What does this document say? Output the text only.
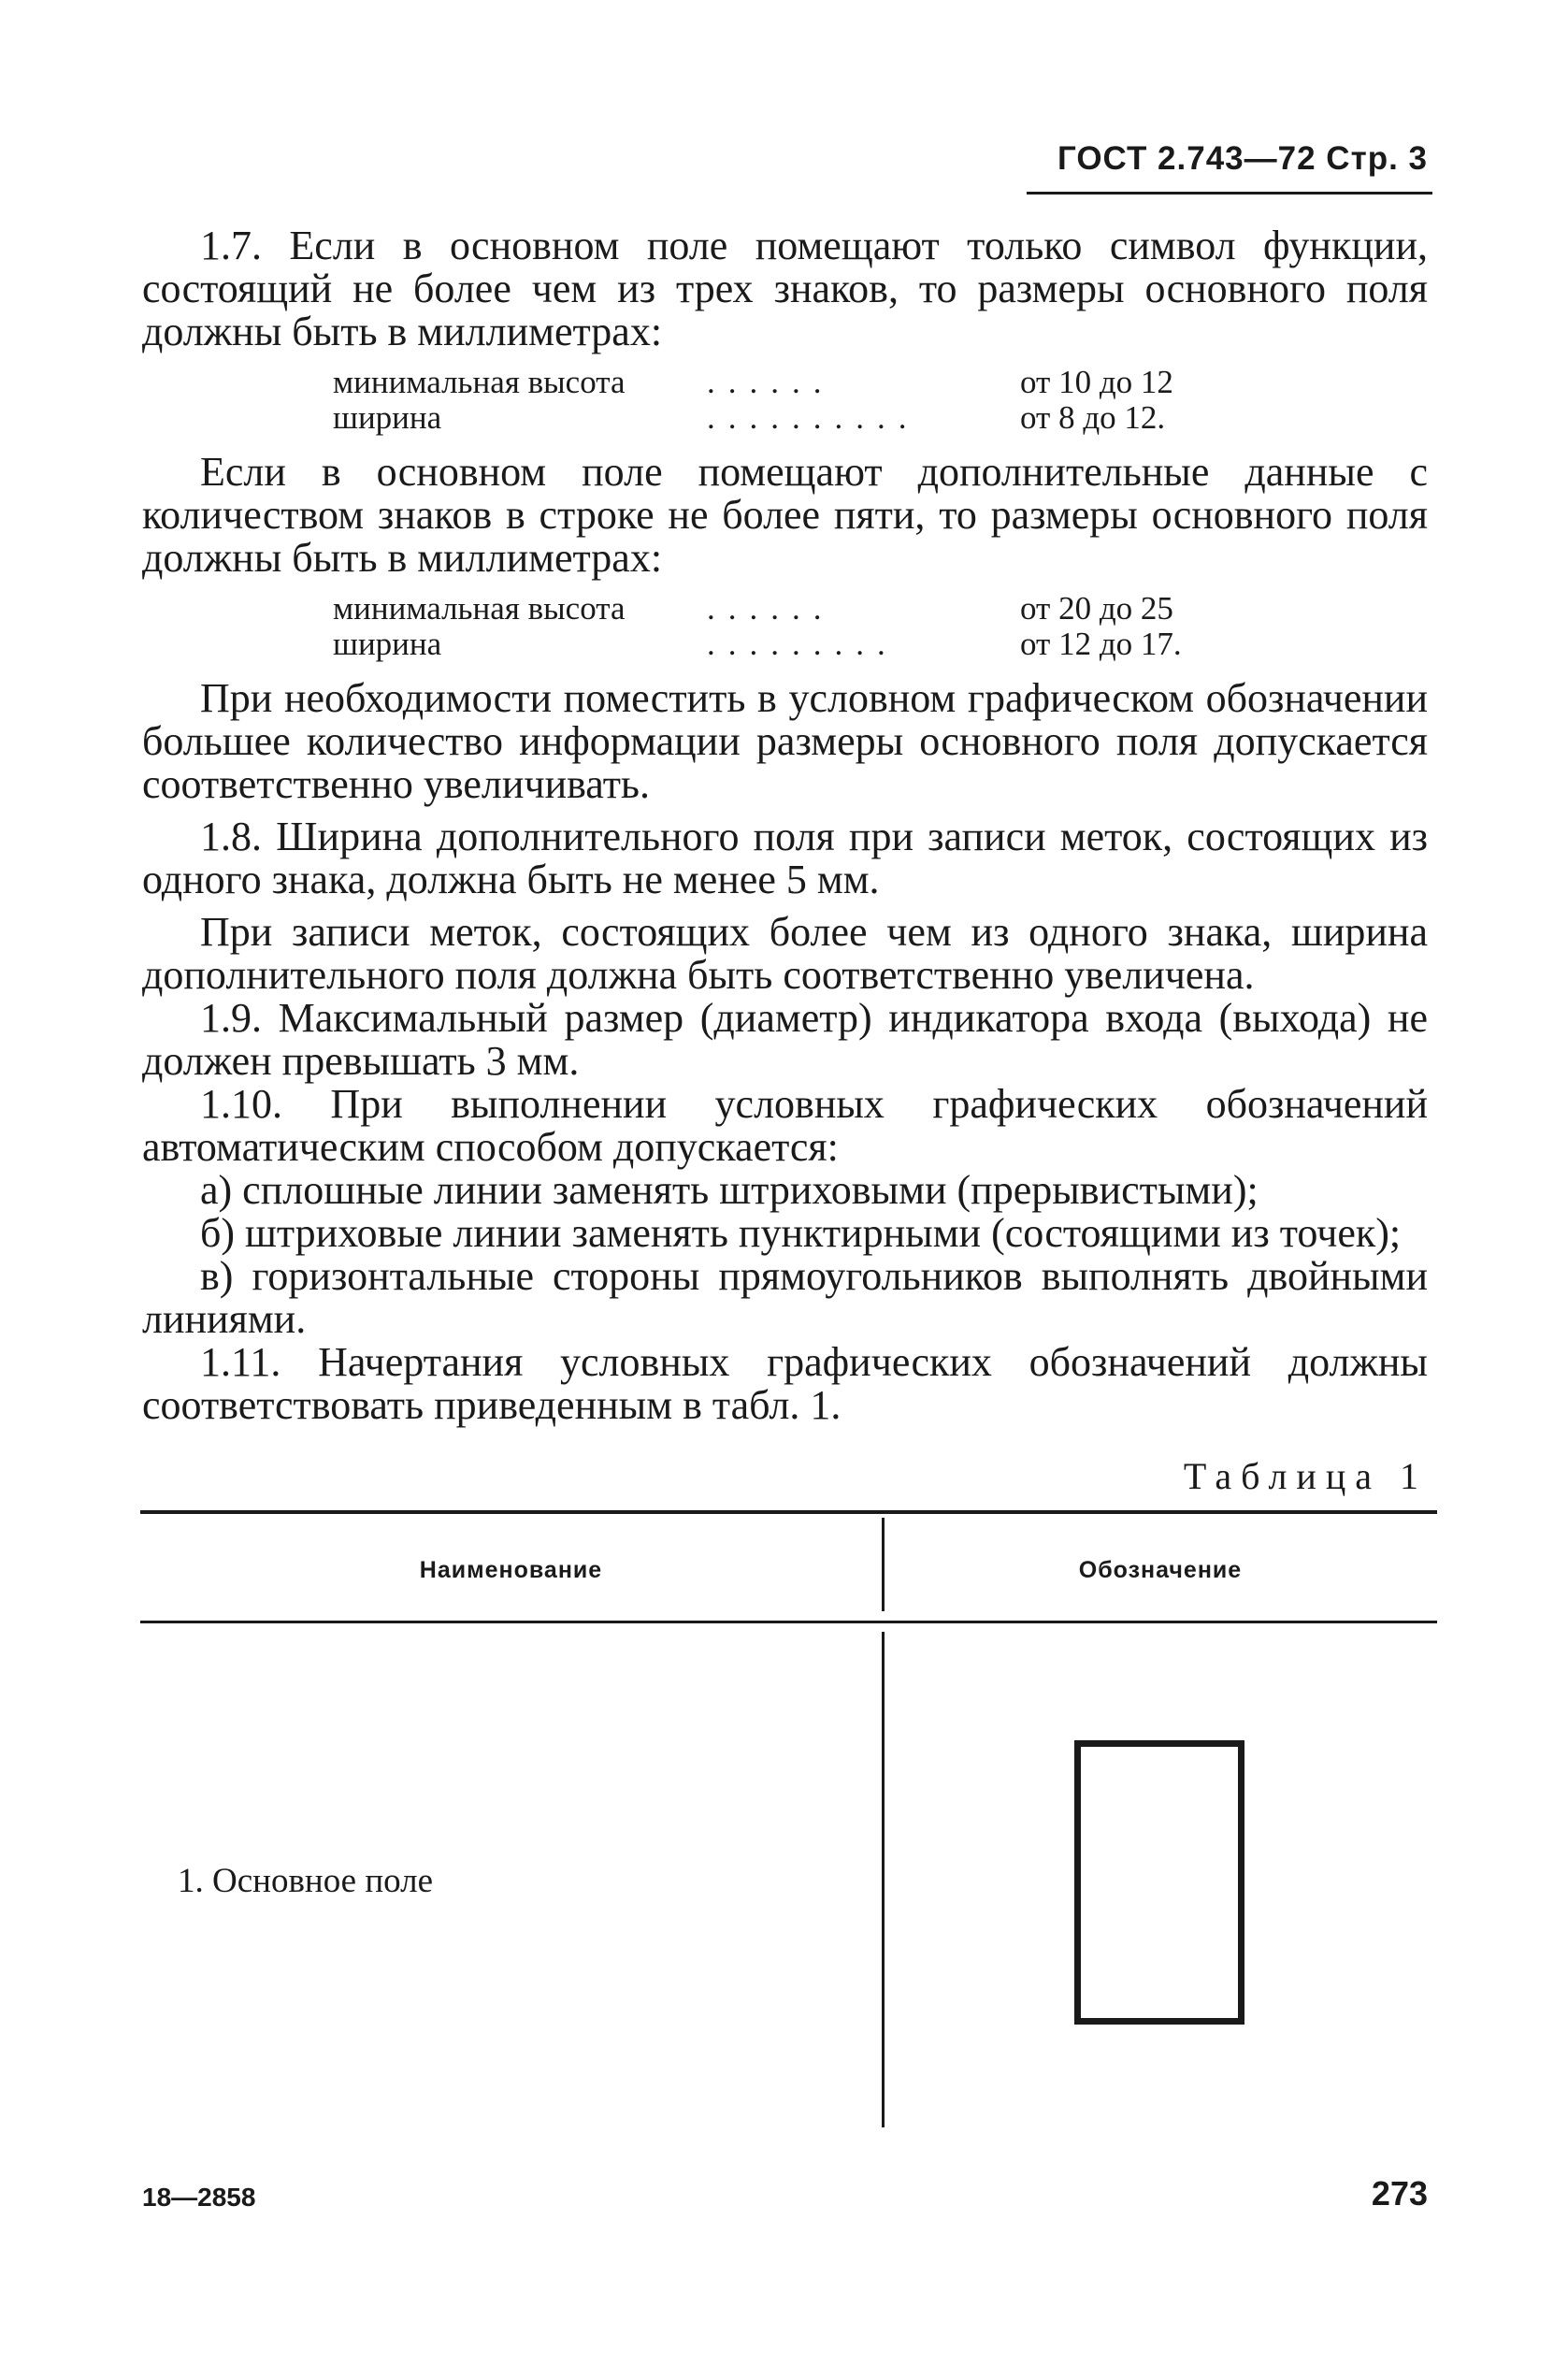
ГОСТ 2.743—72 Стр. 3

1.7. Если в основном поле помещают только символ функции, состоящий не более чем из трех знаков, то размеры основного поля должны быть в миллиметрах:

минимальная высота	......	от 10 до 12
ширина	..........	от 8 до 12.

Если в основном поле помещают дополнительные данные с количеством знаков в строке не более пяти, то размеры основного поля должны быть в миллиметрах:

минимальная высота	......	от 20 до 25
ширина	.........	от 12 до 17.

При необходимости поместить в условном графическом обозначении большее количество информации размеры основного поля допускается соответственно увеличивать.

1.8. Ширина дополнительного поля при записи меток, состоящих из одного знака, должна быть не менее 5 мм.

При записи меток, состоящих более чем из одного знака, ширина дополнительного поля должна быть соответственно увеличена.

1.9. Максимальный размер (диаметр) индикатора входа (выхода) не должен превышать 3 мм.

1.10. При выполнении условных графических обозначений автоматическим способом допускается:

а) сплошные линии заменять штриховыми (прерывистыми);

б) штриховые линии заменять пунктирными (состоящими из точек);

в) горизонтальные стороны прямоугольников выполнять двойными линиями.

1.11. Начертания условных графических обозначений должны соответствовать приведенным в табл. 1.

Таблица 1
Наименование	Обозначение
1. Основное поле
18—2858	273
